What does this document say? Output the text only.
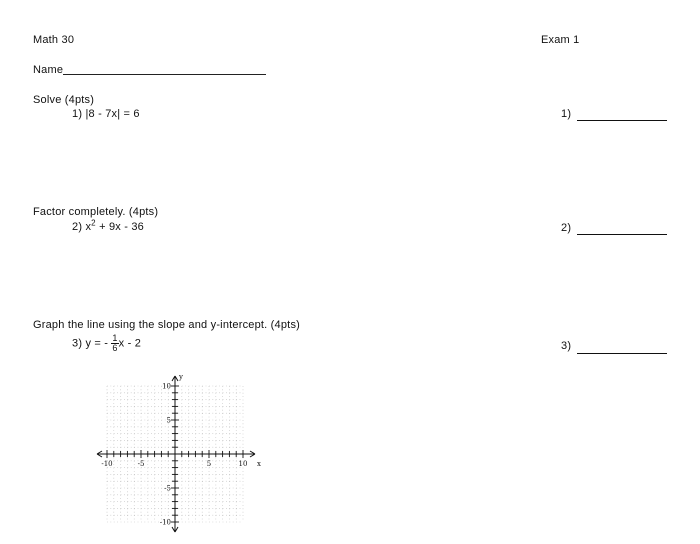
Math 30	Exam 1
Name
Solve (4pts)
1) |8 - 7x| = 6	1)
Factor completely. (4pts)
2) $x^2 + 9x - 36$	2)
Graph the line using the slope and y-intercept. (4pts)
3) y = - $\frac{1}{6}$ x - 2	3)
-10	-5	5	10
10
5
-5
-10
x
y
